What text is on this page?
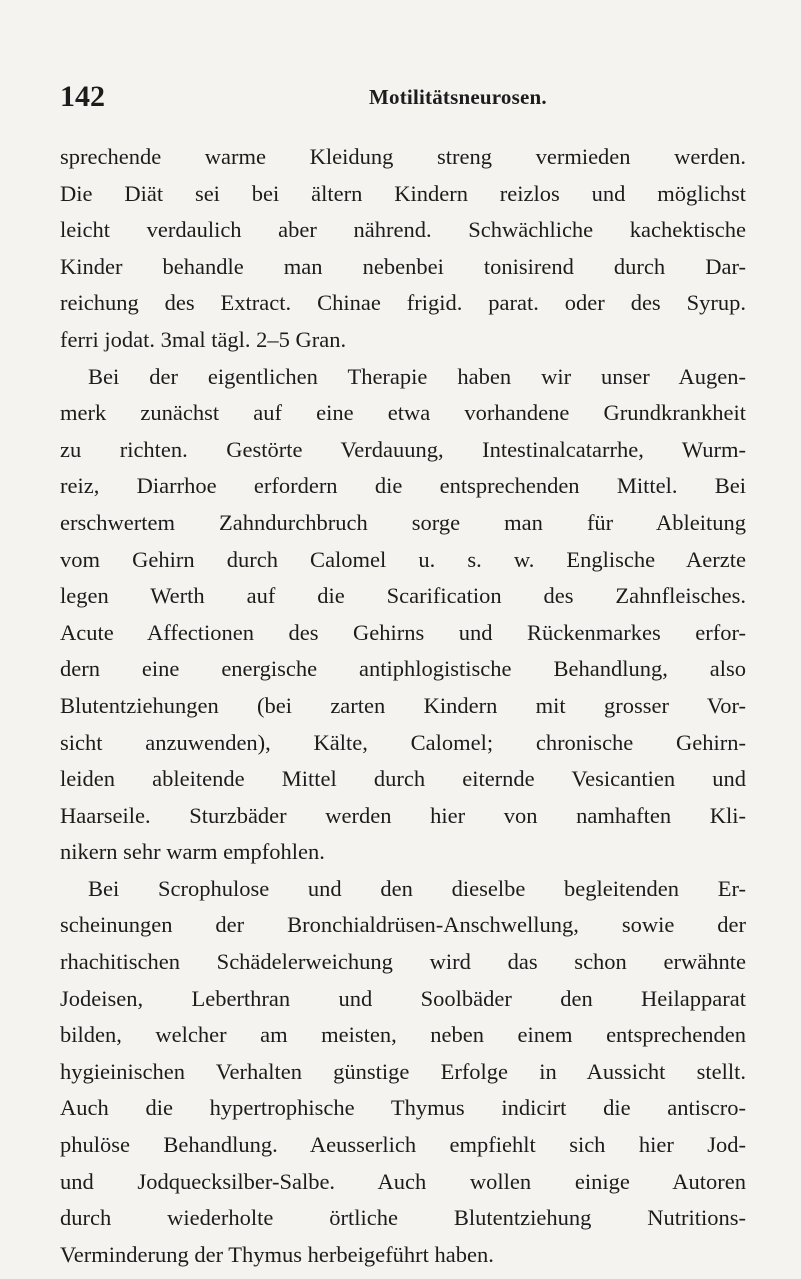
142	Motilitätsneurosen.
sprechende warme Kleidung streng vermieden werden.
Die Diät sei bei ältern Kindern reizlos und möglichst
leicht verdaulich aber nährend. Schwächliche kachektische
Kinder behandle man nebenbei tonisirend durch Dar-
reichung des Extract. Chinae frigid. parat. oder des Syrup.
ferri jodat. 3mal tägl. 2–5 Gran.
Bei der eigentlichen Therapie haben wir unser Augen-
merk zunächst auf eine etwa vorhandene Grundkrankheit
zu richten. Gestörte Verdauung, Intestinalcatarrhe, Wurm-
reiz, Diarrhoe erfordern die entsprechenden Mittel. Bei
erschwertem Zahndurchbruch sorge man für Ableitung
vom Gehirn durch Calomel u. s. w. Englische Aerzte
legen Werth auf die Scarification des Zahnfleisches.
Acute Affectionen des Gehirns und Rückenmarkes erfor-
dern eine energische antiphlogistische Behandlung, also
Blutentziehungen (bei zarten Kindern mit grosser Vor-
sicht anzuwenden), Kälte, Calomel; chronische Gehirn-
leiden ableitende Mittel durch eiternde Vesicantien und
Haarseile. Sturzbäder werden hier von namhaften Kli-
nikern sehr warm empfohlen.
Bei Scrophulose und den dieselbe begleitenden Er-
scheinungen der Bronchialdrüsen-Anschwellung, sowie der
rhachitischen Schädelerweichung wird das schon erwähnte
Jodeisen, Leberthran und Soolbäder den Heilapparat
bilden, welcher am meisten, neben einem entsprechenden
hygieinischen Verhalten günstige Erfolge in Aussicht stellt.
Auch die hypertrophische Thymus indicirt die antiscro-
phulöse Behandlung. Aeusserlich empfiehlt sich hier Jod-
und Jodquecksilber-Salbe. Auch wollen einige Autoren
durch wiederholte örtliche Blutentziehung Nutritions-
Verminderung der Thymus herbeigeführt haben.
